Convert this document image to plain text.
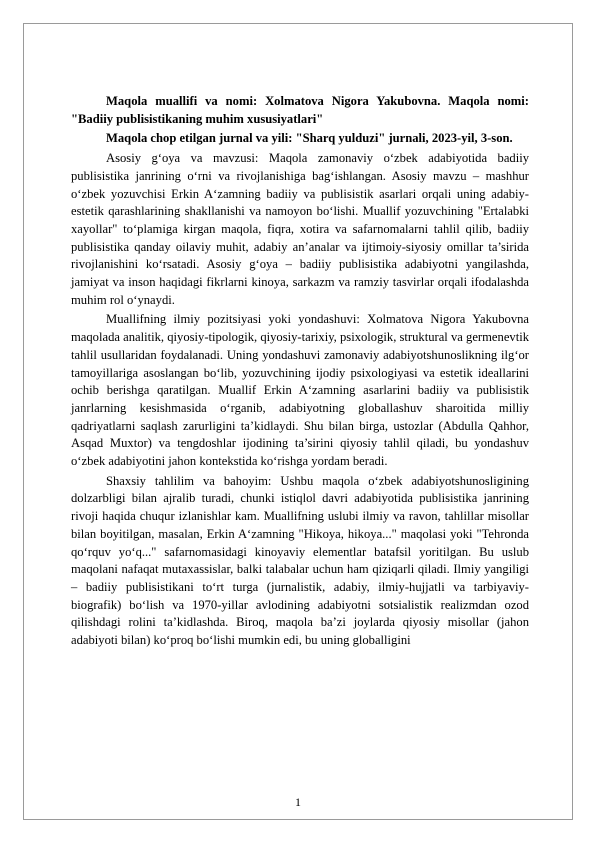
Maqola muallifi va nomi: Xolmatova Nigora Yakubovna. Maqola nomi: "Badiiy publisistikaning muhim xususiyatlari"

Maqola chop etilgan jurnal va yili: "Sharq yulduzi" jurnali, 2023-yil, 3-son.

Asosiy g‘oya va mavzusi: Maqola zamonaviy o‘zbek adabiyotida badiiy publisistika janrining o‘rni va rivojlanishiga bag‘ishlangan. Asosiy mavzu – mashhur o‘zbek yozuvchisi Erkin A‘zamning badiiy va publisistik asarlari orqali uning adabiy-estetik qarashlarining shakllanishi va namoyon bo‘lishi. Muallif yozuvchining "Ertalabki xayollar" to‘plamiga kirgan maqola, fiqra, xotira va safarnomalarni tahlil qilib, badiiy publisistika qanday oilaviy muhit, adabiy an’analar va ijtimoiy-siyosiy omillar ta’sirida rivojlanishini ko‘rsatadi. Asosiy g‘oya – badiiy publisistika adabiyotni yangilashda, jamiyat va inson haqidagi fikrlarni kinoya, sarkazm va ramziy tasvirlar orqali ifodalashda muhim rol o‘ynaydi.

Muallifning ilmiy pozitsiyasi yoki yondashuvi: Xolmatova Nigora Yakubovna maqolada analitik, qiyosiy-tipologik, qiyosiy-tarixiy, psixologik, struktural va germenevtik tahlil usullaridan foydalanadi. Uning yondashuvi zamonaviy adabiyotshunoslikning ilg‘or tamoyillariga asoslangan bo‘lib, yozuvchining ijodiy psixologiyasi va estetik ideallarini ochib berishga qaratilgan. Muallif Erkin A‘zamning asarlarini badiiy va publisistik janrlarning kesishmasida o‘rganib, adabiyotning globallashuv sharoitida milliy qadriyatlarni saqlash zarurligini ta’kidlaydi. Shu bilan birga, ustozlar (Abdulla Qahhor, Asqad Muxtor) va tengdoshlar ijodining ta’sirini qiyosiy tahlil qiladi, bu yondashuv o‘zbek adabiyotini jahon kontekstida ko‘rishga yordam beradi.

Shaxsiy tahlilim va bahoyim: Ushbu maqola o‘zbek adabiyotshunosligining dolzarbligi bilan ajralib turadi, chunki istiqlol davri adabiyotida publisistika janrining rivoji haqida chuqur izlanishlar kam. Muallifning uslubi ilmiy va ravon, tahlillar misollar bilan boyitilgan, masalan, Erkin A‘zamning "Hikoya, hikoya..." maqolasi yoki "Tehronda qo‘rquv yo‘q..." safarnomasidagi kinoyaviy elementlar batafsil yoritilgan. Bu uslub maqolani nafaqat mutaxassislar, balki talabalar uchun ham qiziqarli qiladi. Ilmiy yangiligi – badiiy publisistikani to‘rt turga (jurnalistik, adabiy, ilmiy-hujjatli va tarbiyaviy-biografik) bo‘lish va 1970-yillar avlodining adabiyotni sotsialistik realizmdan ozod qilishdagi rolini ta’kidlashda. Biroq, maqola ba’zi joylarda qiyosiy misollar (jahon adabiyoti bilan) ko‘proq bo‘lishi mumkin edi, bu uning globalligini

1
